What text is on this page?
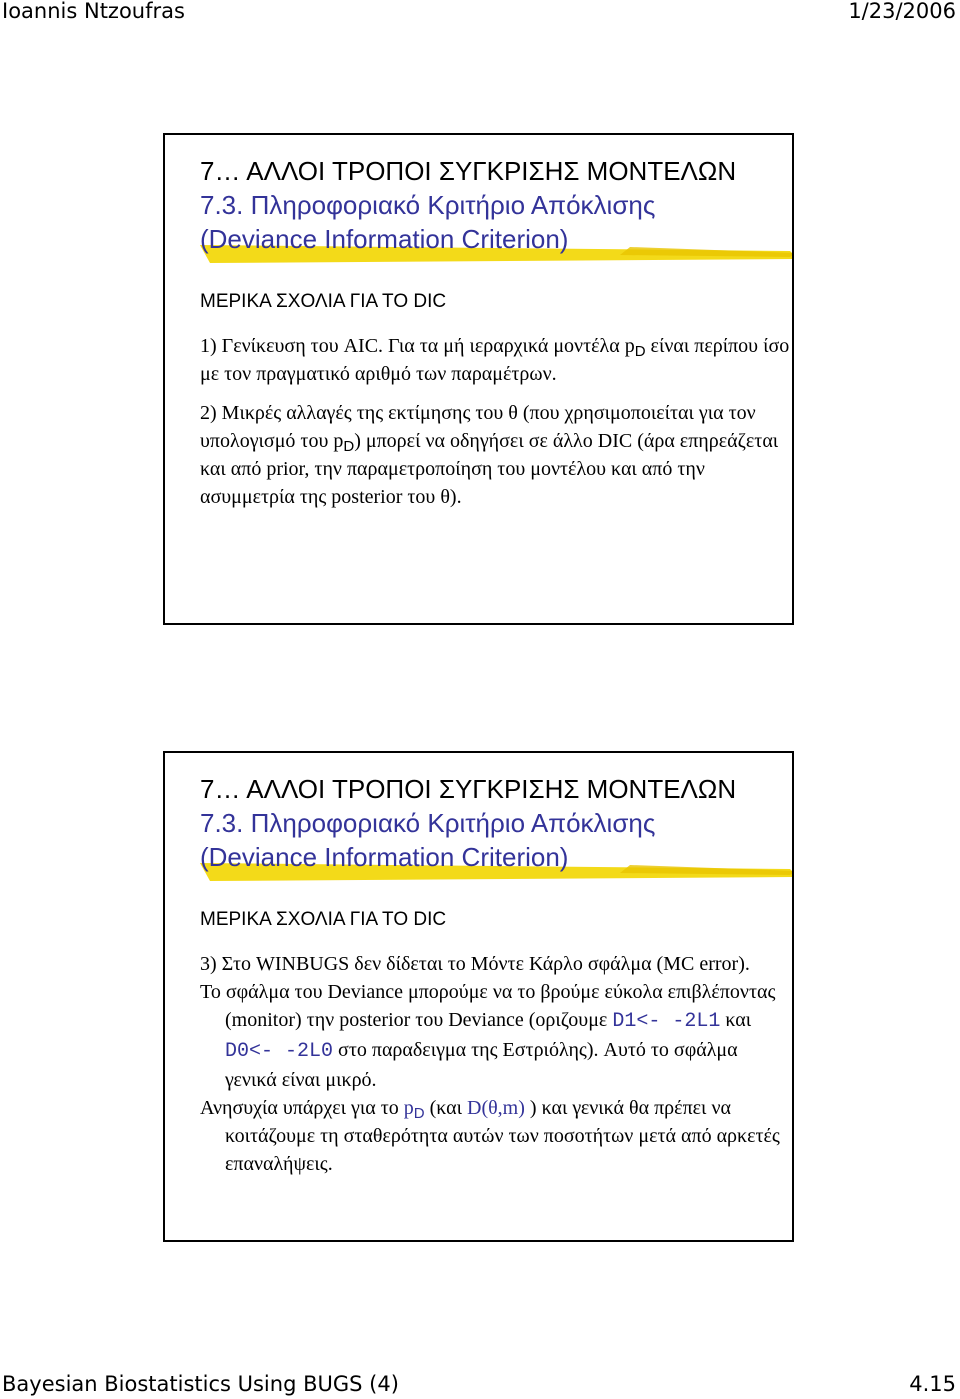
Ioannis Ntzoufras	1/23/2006
7… ΑΛΛΟΙ ΤΡΟΠΟΙ ΣΥΓΚΡΙΣΗΣ ΜΟΝΤΕΛΩΝ
7.3. Πληροφοριακό Κριτήριο Απόκλισης
(Deviance Information Criterion)
ΜΕΡΙΚΑ ΣΧΟΛΙΑ ΓΙΑ ΤΟ DIC

1) Γενίκευση του AIC. Για τα μή ιεραρχικά μοντέλα $p_D$ είναι περίπου ίσο με τον πραγματικό αριθμό των παραμέτρων.

2) Μικρές αλλαγές της εκτίμησης του θ (που χρησιμοποιείται για τον υπολογισμό του $p_D$) μπορεί να οδηγήσει σε άλλο DIC (άρα επηρεάζεται και από prior, την παραμετροποίηση του μοντέλου και από την ασυμμετρία της posterior του θ).

7… ΑΛΛΟΙ ΤΡΟΠΟΙ ΣΥΓΚΡΙΣΗΣ ΜΟΝΤΕΛΩΝ
7.3. Πληροφοριακό Κριτήριο Απόκλισης
(Deviance Information Criterion)
ΜΕΡΙΚΑ ΣΧΟΛΙΑ ΓΙΑ ΤΟ DIC

3) Στο WINBUGS δεν δίδεται το Μόντε Κάρλο σφάλμα (MC error).

Το σφάλμα του Deviance μπορούμε να το βρούμε εύκολα επιβλέποντας (monitor) την posterior του Deviance (οριζουμε D1<- -2L1 και D0<- -2L0 στο παραδειγμα της Εστριόλης). Αυτό το σφάλμα γενικά είναι μικρό.

Ανησυχία υπάρχει για το $p_D$ (και D(θ,m) ) και γενικά θα πρέπει να κοιτάζουμε τη σταθερότητα αυτών των ποσοτήτων μετά από αρκετές επαναλήψεις.

Bayesian Biostatistics Using BUGS (4)	4.15
